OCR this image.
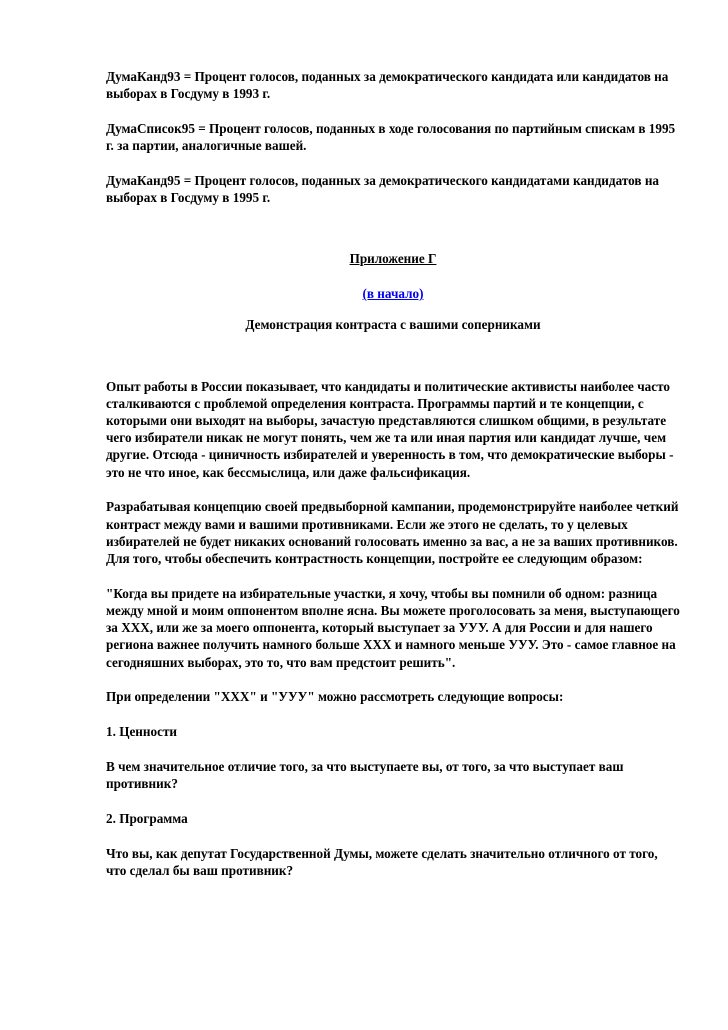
ДумаКанд93 = Процент голосов, поданных за демократического кандидата или кандидатов на выборах в Госдуму в 1993 г.

ДумаСписок95 = Процент голосов, поданных в ходе голосования по партийным спискам в 1995 г. за партии, аналогичные вашей.

ДумаКанд95 = Процент голосов, поданных за демократического кандидатами кандидатов на выборах в Госдуму в 1995 г.

Приложение Г

(в начало)

Демонстрация контраста с вашими соперниками

Опыт работы в России показывает, что кандидаты и политические активисты наиболее часто сталкиваются с проблемой определения контраста. Программы партий и те концепции, с которыми они выходят на выборы, зачастую представляются слишком общими, в результате чего избиратели никак не могут понять, чем же та или иная партия или кандидат лучше, чем другие. Отсюда - циничность избирателей и уверенность в том, что демократические выборы - это не что иное, как бессмыслица, или даже фальсификация.

Разрабатывая концепцию своей предвыборной кампании, продемонстрируйте наиболее четкий контраст между вами и вашими противниками. Если же этого не сделать, то у целевых избирателей не будет никаких оснований голосовать именно за вас, а не за ваших противников. Для того, чтобы обеспечить контрастность концепции, постройте ее следующим образом:

"Когда вы придете на избирательные участки, я хочу, чтобы вы помнили об одном: разница между мной и моим оппонентом вполне ясна. Вы можете проголосовать за меня, выступающего за ХХХ, или же за моего оппонента, который выступает за УУУ. А для России и для нашего региона важнее получить намного больше ХХХ и намного меньше УУУ. Это - самое главное на сегодняшних выборах, это то, что вам предстоит решить".

При определении "ХХХ" и "УУУ" можно рассмотреть следующие вопросы:

1. Ценности

В чем значительное отличие того, за что выступаете вы, от того, за что выступает ваш противник?

2. Программа

Что вы, как депутат Государственной Думы, можете сделать значительно отличного от того, что сделал бы ваш противник?
